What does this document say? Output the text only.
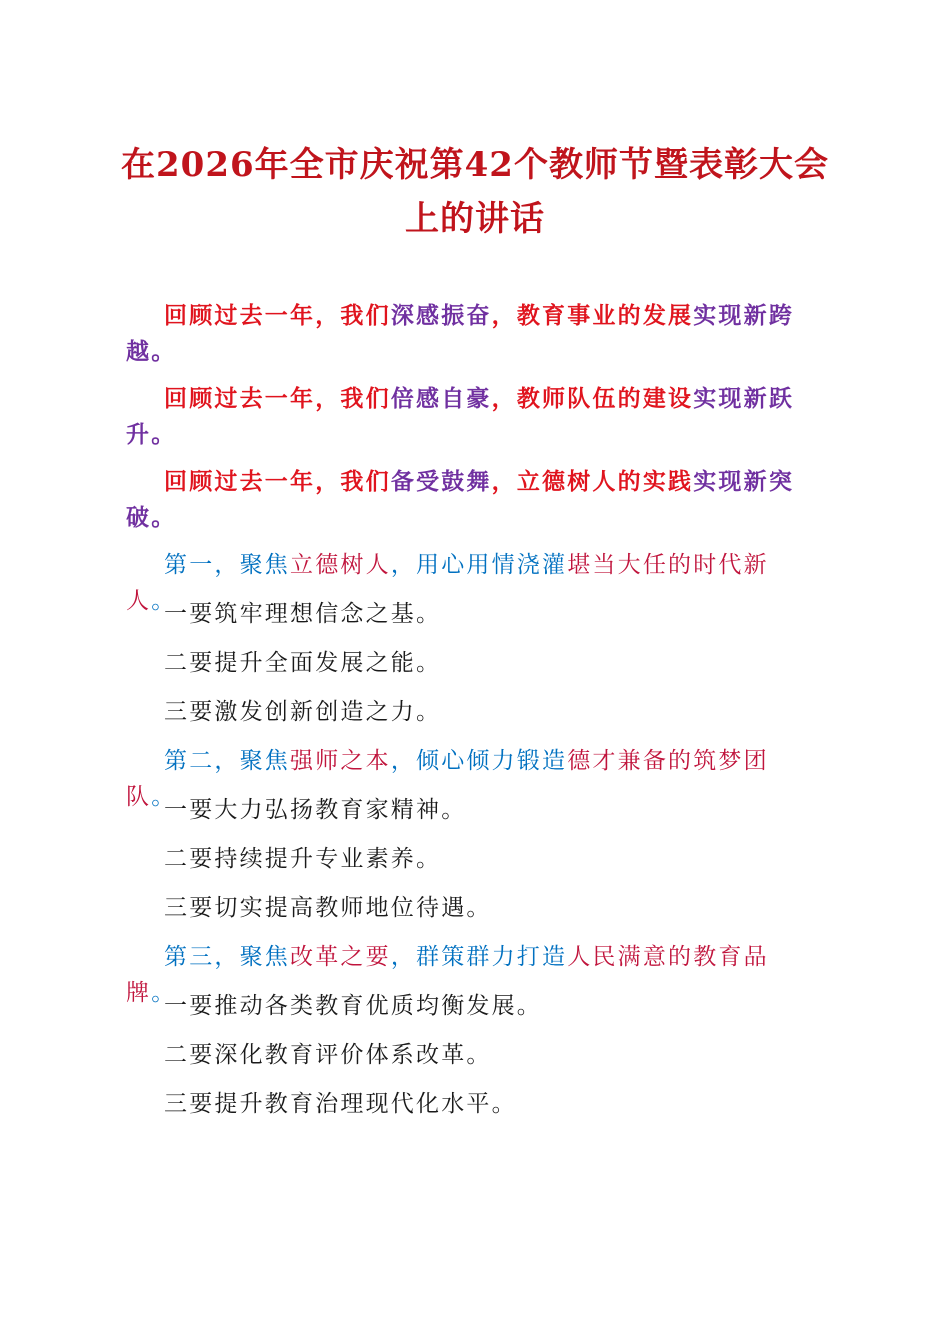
在2026年全市庆祝第42个教师节暨表彰大会上的讲话

回顾过去一年，我们深感振奋，教育事业的发展实现新跨越。

回顾过去一年，我们倍感自豪，教师队伍的建设实现新跃升。

回顾过去一年，我们备受鼓舞，立德树人的实践实现新突破。

第一，聚焦立德树人，用心用情浇灌堪当大任的时代新人。

一要筑牢理想信念之基。

二要提升全面发展之能。

三要激发创新创造之力。

第二，聚焦强师之本，倾心倾力锻造德才兼备的筑梦团队。

一要大力弘扬教育家精神。

二要持续提升专业素养。

三要切实提高教师地位待遇。

第三，聚焦改革之要，群策群力打造人民满意的教育品牌。

一要推动各类教育优质均衡发展。

二要深化教育评价体系改革。

三要提升教育治理现代化水平。
